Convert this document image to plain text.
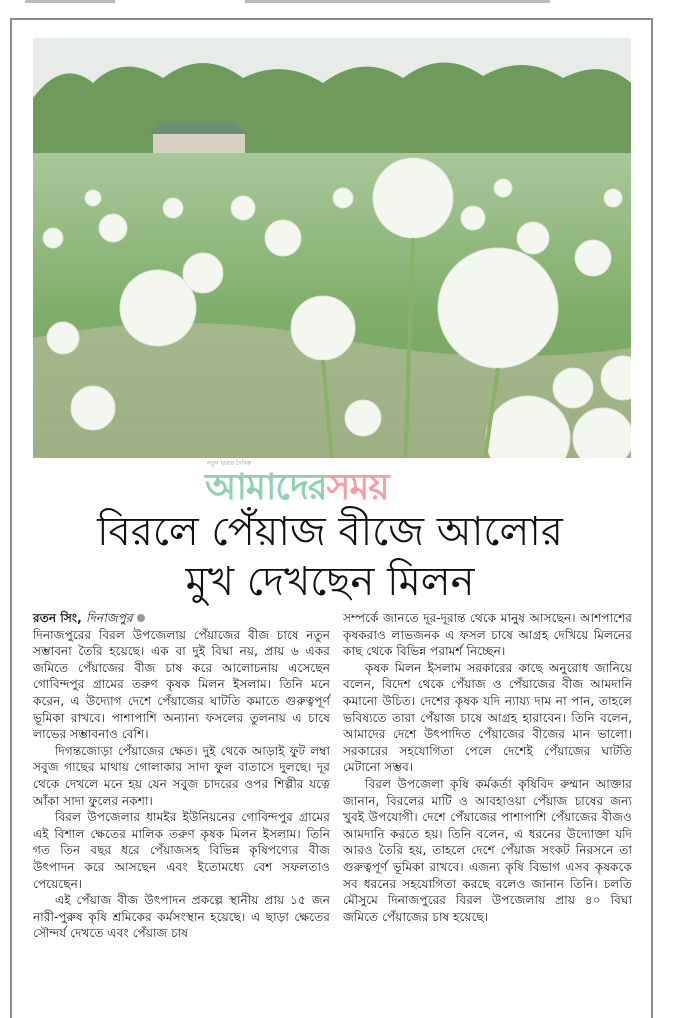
নতুন ধারার দৈনিক
আমাদেরসময়
বিরলে পেঁয়াজ বীজে আলোর
মুখ দেখছেন মিলন
রতন সিং, দিনাজপুর

দিনাজপুরের বিরল উপজেলায় পেঁয়াজের বীজ চাষে নতুন সম্ভাবনা তৈরি হয়েছে। এক বা দুই বিঘা নয়, প্রায় ৬ একর জমিতে পেঁয়াজের বীজ চাষ করে আলোচনায় এসেছেন গোবিন্দপুর গ্রামের তরুণ কৃষক মিলন ইসলাম। তিনি মনে করেন, এ উদ্যোগ দেশে পেঁয়াজের ঘাটতি কমাতে গুরুত্বপূর্ণ ভূমিকা রাখবে। পাশাপাশি অন্যান্য ফসলের তুলনায় এ চাষে লাভের সম্ভাবনাও বেশি।

দিগন্তজোড়া পেঁয়াজের ক্ষেত। দুই থেকে আড়াই ফুট লম্বা সবুজ গাছের মাথায় গোলাকার সাদা ফুল বাতাসে দুলছে। দূর থেকে দেখলে মনে হয় যেন সবুজ চাদরের ওপর শিল্পীর যত্নে আঁকা সাদা ফুলের নকশা।

বিরল উপজেলার ধামইর ইউনিয়নের গোবিন্দপুর গ্রামের এই বিশাল ক্ষেতের মালিক তরুণ কৃষক মিলন ইসলাম। তিনি গত তিন বছর ধরে পেঁয়াজসহ বিভিন্ন কৃষিপণ্যের বীজ উৎপাদন করে আসছেন এবং ইতোমধ্যে বেশ সফলতাও পেয়েছেন।

এই পেঁয়াজ বীজ উৎপাদন প্রকল্পে স্থানীয় প্রায় ১৫ জন নারী-পুরুষ কৃষি শ্রমিকের কর্মসংস্থান হয়েছে। এ ছাড়া ক্ষেতের সৌন্দর্য দেখতে এবং পেঁয়াজ চাষ

সম্পর্কে জানতে দূর-দূরান্ত থেকে মানুষ আসছেন। আশপাশের কৃষকরাও লাভজনক এ ফসল চাষে আগ্রহ দেখিয়ে মিলনের কাছ থেকে বিভিন্ন পরামর্শ নিচ্ছেন।

কৃষক মিলন ইসলাম সরকারের কাছে অনুরোধ জানিয়ে বলেন, বিদেশ থেকে পেঁয়াজ ও পেঁয়াজের বীজ আমদানি কমানো উচিত। দেশের কৃষক যদি ন্যায্য দাম না পান, তাহলে ভবিষ্যতে তারা পেঁয়াজ চাষে আগ্রহ হারাবেন। তিনি বলেন, আমাদের দেশে উৎপাদিত পেঁয়াজের বীজের মান ভালো। সরকারের সহযোগিতা পেলে দেশেই পেঁয়াজের ঘাটতি মেটানো সম্ভব।

বিরল উপজেলা কৃষি কর্মকর্তা কৃষিবিদ রুম্মান আক্তার জানান, বিরলের মাটি ও আবহাওয়া পেঁয়াজ চাষের জন্য খুবই উপযোগী। দেশে পেঁয়াজের পাশাপাশি পেঁয়াজের বীজও আমদানি করতে হয়। তিনি বলেন, এ ধরনের উদ্যোক্তা যদি আরও তৈরি হয়, তাহলে দেশে পেঁয়াজ সংকট নিরসনে তা গুরুত্বপূর্ণ ভূমিকা রাখবে। এজন্য কৃষি বিভাগ এসব কৃষককে সব ধরনের সহযোগিতা করছে বলেও জানান তিনি। চলতি মৌসুমে দিনাজপুরের বিরল উপজেলায় প্রায় ৪০ বিঘা জমিতে পেঁয়াজের চাষ হয়েছে।
